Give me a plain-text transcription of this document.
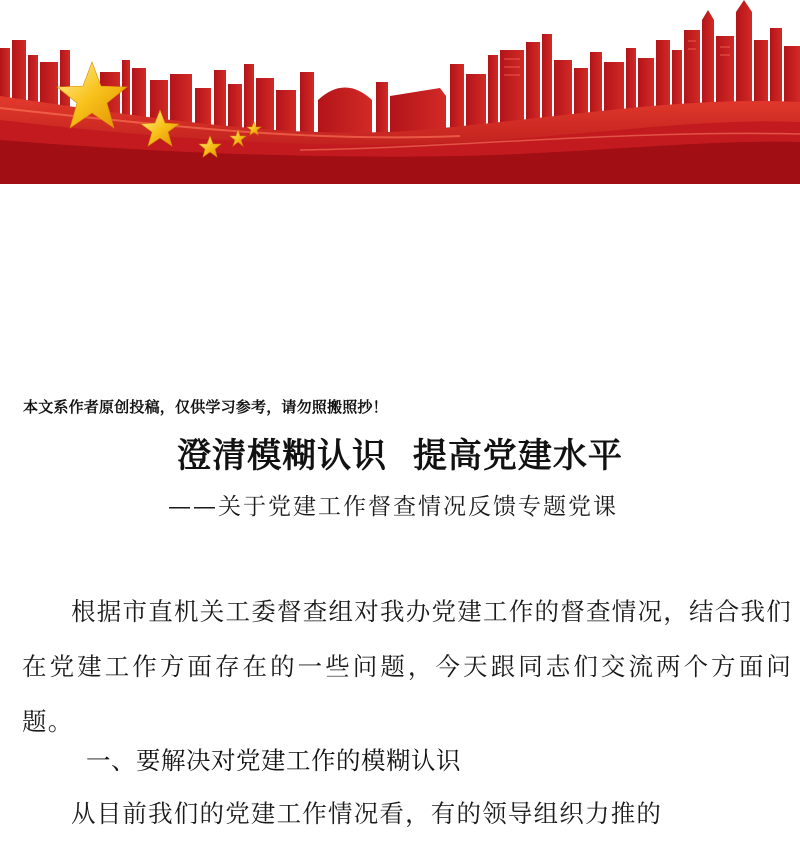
本文系作者原创投稿，仅供学习参考，请勿照搬照抄！
澄清模糊认识  提高党建水平
——关于党建工作督查情况反馈专题党课

根据市直机关工委督查组对我办党建工作的督查情况，结合我们在党建工作方面存在的一些问题，今天跟同志们交流两个方面问题。

一、要解决对党建工作的模糊认识

从目前我们的党建工作情况看，有的领导组织力推的
